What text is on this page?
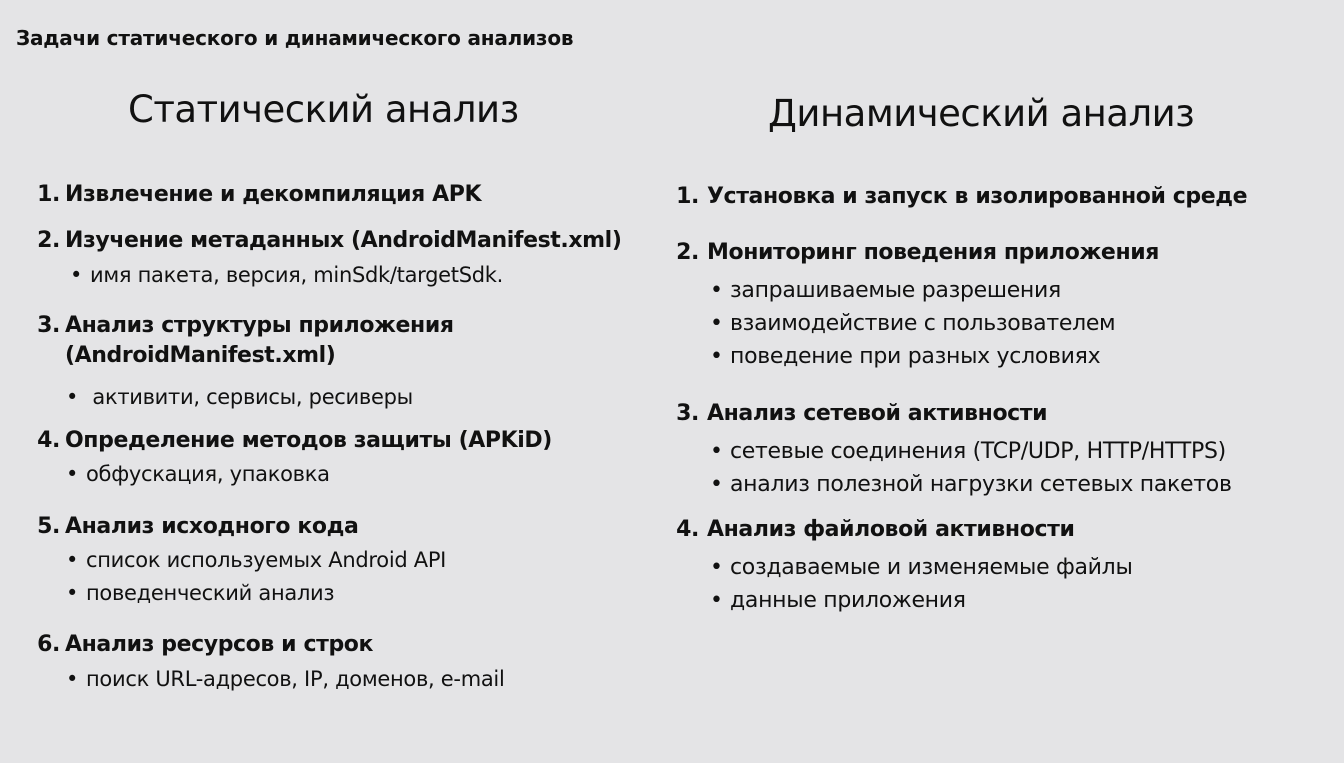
Задачи статического и динамического анализов
Статический анализ
1. Извлечение и декомпиляция APK
2. Изучение метаданных (AndroidManifest.xml)
• имя пакета, версия, minSdk/targetSdk.
3. Анализ структуры приложения
(AndroidManifest.xml)
• активити, сервисы, ресиверы
4. Определение методов защиты (APKiD)
• обфускация, упаковка
5. Анализ исходного кода
• список используемых Android API
• поведенческий анализ
6. Анализ ресурсов и строк
• поиск URL-адресов, IP, доменов, e-mail
Динамический анализ
1. Установка и запуск в изолированной среде
2. Мониторинг поведения приложения
• запрашиваемые разрешения
• взаимодействие с пользователем
• поведение при разных условиях
3. Анализ сетевой активности
• сетевые соединения (TCP/UDP, HTTP/HTTPS)
• анализ полезной нагрузки сетевых пакетов
4. Анализ файловой активности
• создаваемые и изменяемые файлы
• данные приложения
